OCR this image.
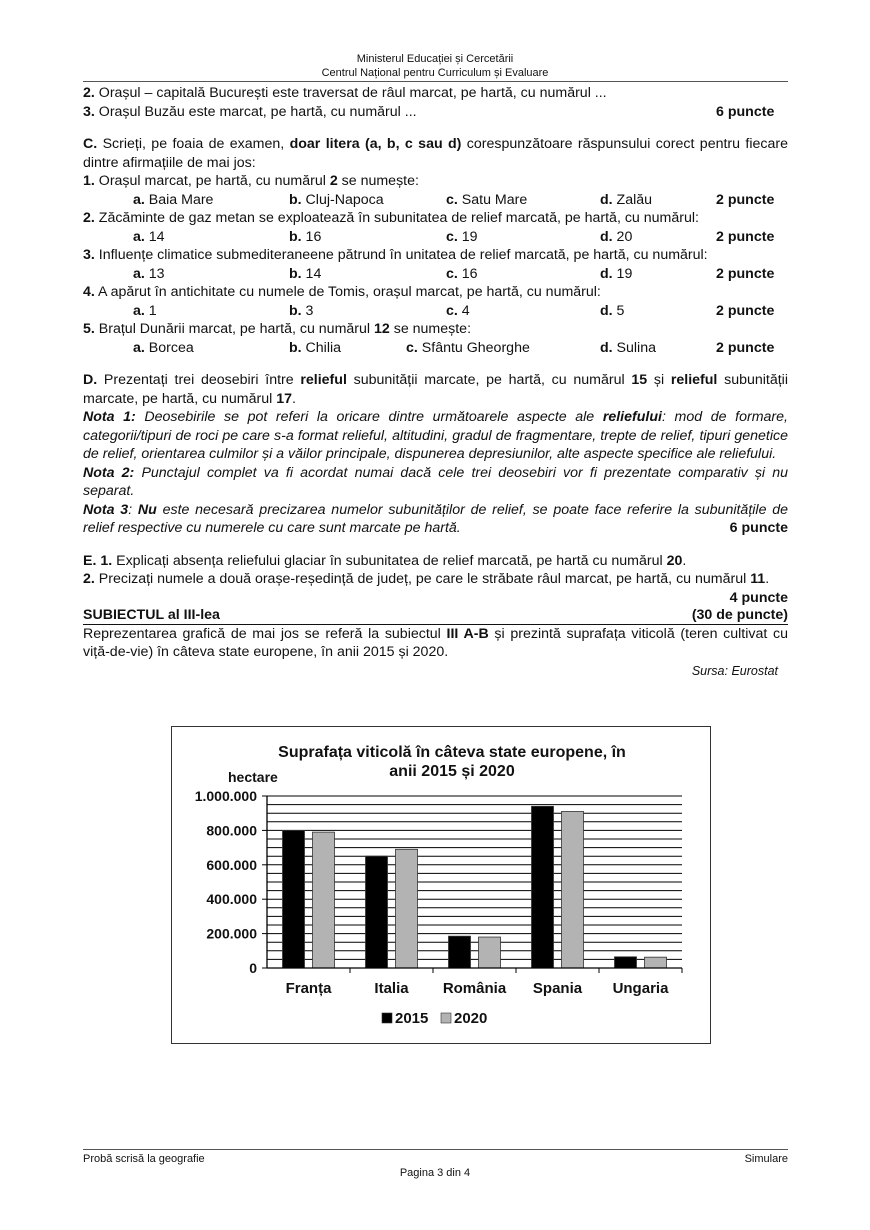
Ministerul Educației și Cercetării
Centrul Național pentru Curriculum și Evaluare

2. Orașul – capitală București este traversat de râul marcat, pe hartă, cu numărul ...

3. Orașul Buzău este marcat, pe hartă, cu numărul ...	6 puncte

C. Scrieți, pe foaia de examen, doar litera (a, b, c sau d) corespunzătoare răspunsului corect pentru fiecare dintre afirmațiile de mai jos:

1. Orașul marcat, pe hartă, cu numărul 2 se numește:

a. Baia Mare	b. Cluj-Napoca	c. Satu Mare	d. Zalău	2 puncte

2. Zăcăminte de gaz metan se exploatează în subunitatea de relief marcată, pe hartă, cu numărul:

a. 14	b. 16	c. 19	d. 20	2 puncte

3. Influențe climatice submediteraneene pătrund în unitatea de relief marcată, pe hartă, cu numărul:

a. 13	b. 14	c. 16	d. 19	2 puncte

4. A apărut în antichitate cu numele de Tomis, orașul marcat, pe hartă, cu numărul:

a. 1	b. 3	c. 4	d. 5	2 puncte

5. Brațul Dunării marcat, pe hartă, cu numărul 12 se numește:

a. Borcea	b. Chilia	c. Sfântu Gheorghe	d. Sulina	2 puncte

D. Prezentați trei deosebiri între relieful subunității marcate, pe hartă, cu numărul 15 și relieful subunității marcate, pe hartă, cu numărul 17.

Nota 1: Deosebirile se pot referi la oricare dintre următoarele aspecte ale reliefului: mod de formare, categorii/tipuri de roci pe care s-a format relieful, altitudini, gradul de fragmentare, trepte de relief, tipuri genetice de relief, orientarea culmilor și a văilor principale, dispunerea depresiunilor, alte aspecte specifice ale reliefului.

Nota 2: Punctajul complet va fi acordat numai dacă cele trei deosebiri vor fi prezentate comparativ și nu separat.

Nota 3: Nu este necesară precizarea numelor subunităților de relief, se poate face referire la subunitățile de relief respective cu numerele cu care sunt marcate pe hartă.	6 puncte

E. 1. Explicați absența reliefului glaciar în subunitatea de relief marcată, pe hartă cu numărul 20.

2. Precizați numele a două orașe-reședință de județ, pe care le străbate râul marcat, pe hartă, cu numărul 11.
4 puncte

SUBIECTUL al III-lea	(30 de puncte)

Reprezentarea grafică de mai jos se referă la subiectul III A-B și prezintă suprafața viticolă (teren cultivat cu viță-de-vie) în câteva state europene, în anii 2015 și 2020.

Sursa: Eurostat

Suprafața viticolă în câteva state europene, în
anii 2015 și 2020
hectare
0
200.000
400.000
600.000
800.000
1.000.000
Franța	Italia România Spania Ungaria
2015 2020
Probă scrisă la geografie	Simulare
Pagina 3 din 4
